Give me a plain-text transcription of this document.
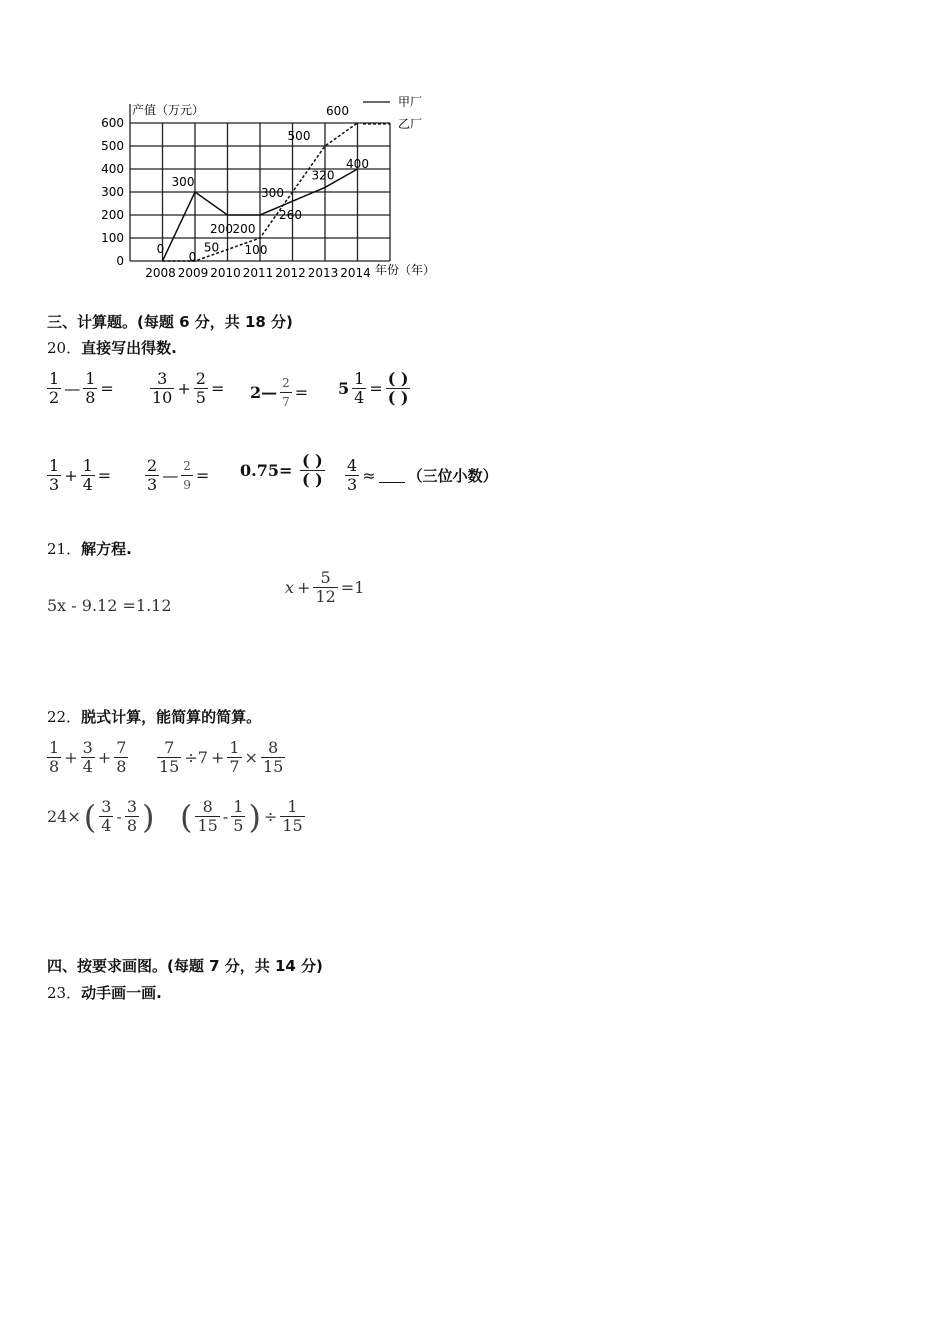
0
100
200
300
400
500
600
2008 2009 2010 2011 2012 2013 2014
0
300
200 200
300
400
0
50 100
260
320
500
600
产值（万元）
年份（年）
甲厂
乙厂
三、计算题。(每题 6 分，共 18 分)
20．直接写出得数.
$\frac{1}{2}$ — $\frac{1}{8} = \frac{3}{10} + \frac{2}{5}$ = 2— $\frac{2}{7} = 5 \frac{1}{4} = \frac{( )}{( )}$
$\frac{1}{3} + \frac{1}{4} = \frac{2}{3}$ — $\frac{2}{9} = 0.75= \frac{( )}{( )} \frac{4}{3}$ ≈ （三位小数）
21．解方程.
5x - 9.12 =1.12
$x + \frac{5}{12} =1$
22．脱式计算，能简算的简算。
$\frac{1}{8} + \frac{3}{4} + \frac{7}{8} \frac{7}{15} \div 7 + \frac{1}{7} \times \frac{8}{15}$
24× ( $\frac{3}{4} - \frac{3}{8}$ ) ( $\frac{8}{15} - \frac{1}{5}$ ) ÷ $\frac{1}{15}$
四、按要求画图。(每题 7 分，共 14 分)
23．动手画一画.
